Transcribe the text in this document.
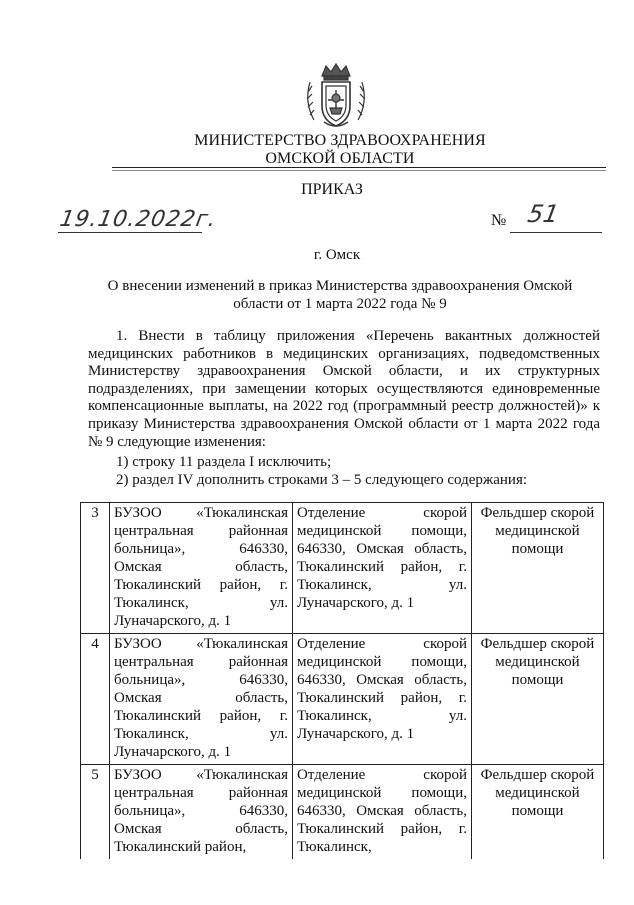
МИНИСТЕРСТВО ЗДРАВООХРАНЕНИЯ
ОМСКОЙ ОБЛАСТИ
ПРИКАЗ
19.10.2022г.	№ 51
г. Омск
О внесении изменений в приказ Министерства здравоохранения Омской области от 1 марта 2022 года № 9
1. Внести в таблицу приложения «Перечень вакантных должностей медицинских работников в медицинских организациях, подведомственных Министерству здравоохранения Омской области, и их структурных подразделениях, при замещении которых осуществляются единовременные компенсационные выплаты, на 2022 год (программный реестр должностей)» к приказу Министерства здравоохранения Омской области от 1 марта 2022 года № 9 следующие изменения:
1) строку 11 раздела I исключить;
2) раздел IV дополнить строками 3 – 5 следующего содержания:
3	БУЗОО «Тюкалинская центральная районная больница», 646330, Омская область, Тюкалинский район, г. Тюкалинск, ул. Луначарского, д. 1	Отделение скорой медицинской помощи, 646330, Омская область, Тюкалинский район, г. Тюкалинск, ул. Луначарского, д. 1	Фельдшер скорой медицинской помощи
4	БУЗОО «Тюкалинская центральная районная больница», 646330, Омская область, Тюкалинский район, г. Тюкалинск, ул. Луначарского, д. 1	Отделение скорой медицинской помощи, 646330, Омская область, Тюкалинский район, г. Тюкалинск, ул. Луначарского, д. 1	Фельдшер скорой медицинской помощи
5	БУЗОО «Тюкалинская центральная районная больница», 646330, Омская область, Тюкалинский район,	Отделение скорой медицинской помощи, 646330, Омская область, Тюкалинский район, г. Тюкалинск,	Фельдшер скорой медицинской помощи
